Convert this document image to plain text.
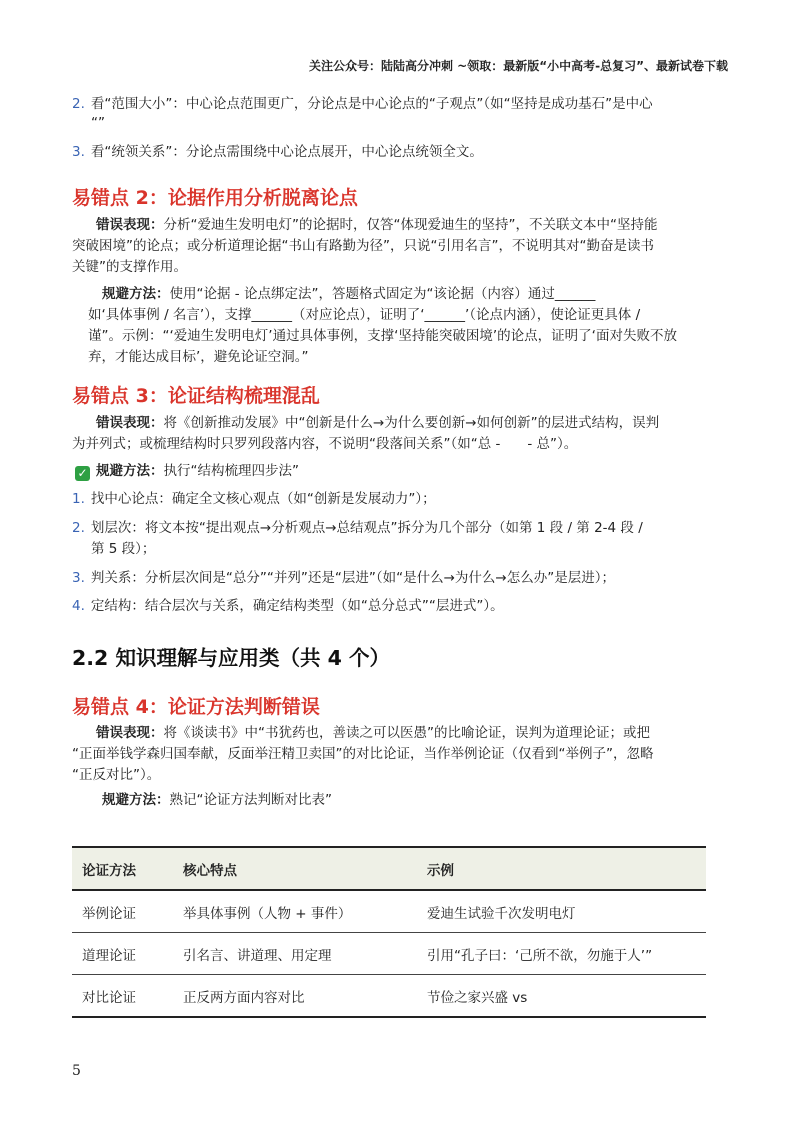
关注公众号：陆陆高分冲刺 ~领取：最新版“小中高考-总复习”、最新试卷下载
2. 看“范围大小”：中心论点范围更广，分论点是中心论点的“子观点”（如“坚持是成功基石”是中心
“”
3. 看“统领关系”：分论点需围绕中心论点展开，中心论点统领全文。
易错点 2：论据作用分析脱离论点
错误表现：分析“爱迪生发明电灯”的论据时，仅答“体现爱迪生的坚持”，不关联文本中“坚持能
突破困境”的论点；或分析道理论据“书山有路勤为径”，只说“引用名言”，不说明其对“勤奋是读书
关键”的支撑作用。
规避方法：使用“论据 - 论点绑定法”，答题格式固定为“该论据（内容）通过______
如‘具体事例 / 名言’），支撑______（对应论点），证明了‘______’（论点内涵），使论证更具体 /
谨”。示例：“‘爱迪生发明电灯’通过具体事例，支撑‘坚持能突破困境’的论点，证明了‘面对失败不放
弃，才能达成目标’，避免论证空洞。”
易错点 3：论证结构梳理混乱
错误表现：将《创新推动发展》中“创新是什么→为什么要创新→如何创新”的层进式结构，误判
为并列式；或梳理结构时只罗列段落内容，不说明“段落间关系”（如“总 -　　- 总”）。
✓ 规避方法：执行“结构梳理四步法”
1. 找中心论点：确定全文核心观点（如“创新是发展动力”）；
2. 划层次：将文本按“提出观点→分析观点→总结观点”拆分为几个部分（如第 1 段 / 第 2-4 段 /
第 5 段）；
3. 判关系：分析层次间是“总分”“并列”还是“层进”（如“是什么→为什么→怎么办”是层进）；
4. 定结构：结合层次与关系，确定结构类型（如“总分总式”“层进式”）。
2.2 知识理解与应用类（共 4 个）
易错点 4：论证方法判断错误
错误表现：将《谈读书》中“书犹药也，善读之可以医愚”的比喻论证，误判为道理论证；或把
“正面举钱学森归国奉献，反面举汪精卫卖国”的对比论证，当作举例论证（仅看到“举例子”，忽略
“正反对比”）。
规避方法：熟记“论证方法判断对比表”
论证方法	核心特点	示例
举例论证	举具体事例（人物 + 事件）	爱迪生试验千次发明电灯
道理论证	引名言、讲道理、用定理	引用“孔子曰：‘己所不欲，勿施于人’”
对比论证	正反两方面内容对比	节俭之家兴盛 vs
5
